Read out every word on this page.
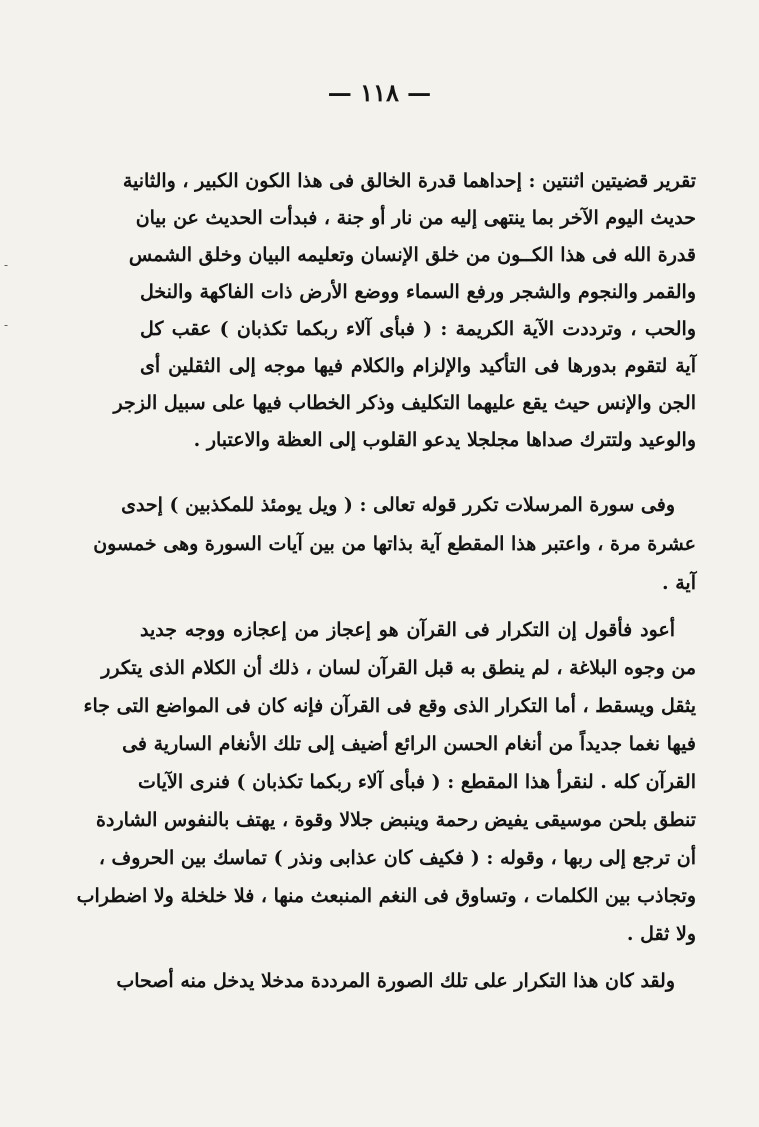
— ١١٨ —
تقرير قضيتين اثنتين : إحداهما قدرة الخالق فى هذا الكون الكبير ، والثانية
حديث اليوم الآخر بما ينتهى إليه من نار أو جنة ، فبدأت الحديث عن بيان
قدرة الله فى هذا الكــون من خلق الإنسان وتعليمه البيان وخلق الشمس
والقمر والنجوم والشجر ورفع السماء ووضع الأرض ذات الفاكهة والنخل
والحب ، وترددت الآية الكريمة : ( فبأى آلاء ربكما تكذبان ) عقب كل
آية لتقوم بدورها فى التأكيد والإلزام والكلام فيها موجه إلى الثقلين أى
الجن والإنس حيث يقع عليهما التكليف وذكر الخطاب فيها على سبيل الزجر
والوعيد ولتترك صداها مجلجلا يدعو القلوب إلى العظة والاعتبار .
وفى سورة المرسلات تكرر قوله تعالى : ( ويل يومئذ للمكذبين ) إحدى
عشرة مرة ، واعتبر هذا المقطع آية بذاتها من بين آيات السورة وهى خمسون
آية .
أعود فأقول إن التكرار فى القرآن هو إعجاز من إعجازه ووجه جديد
من وجوه البلاغة ، لم ينطق به قبل القرآن لسان ، ذلك أن الكلام الذى يتكرر
يثقل ويسقط ، أما التكرار الذى وقع فى القرآن فإنه كان فى المواضع التى جاء
فيها نغما جديداً من أنغام الحسن الرائع أضيف إلى تلك الأنغام السارية فى
القرآن كله . لنقرأ هذا المقطع : ( فبأى آلاء ربكما تكذبان ) فنرى الآيات
تنطق بلحن موسيقى يفيض رحمة وينبض جلالا وقوة ، يهتف بالنفوس الشاردة
أن ترجع إلى ربها ، وقوله : ( فكيف كان عذابى ونذر ) تماسك بين الحروف ،
وتجاذب بين الكلمات ، وتساوق فى النغم المنبعث منها ، فلا خلخلة ولا اضطراب
ولا ثقل .
ولقد كان هذا التكرار على تلك الصورة المرددة مدخلا يدخل منه أصحاب
-
-
